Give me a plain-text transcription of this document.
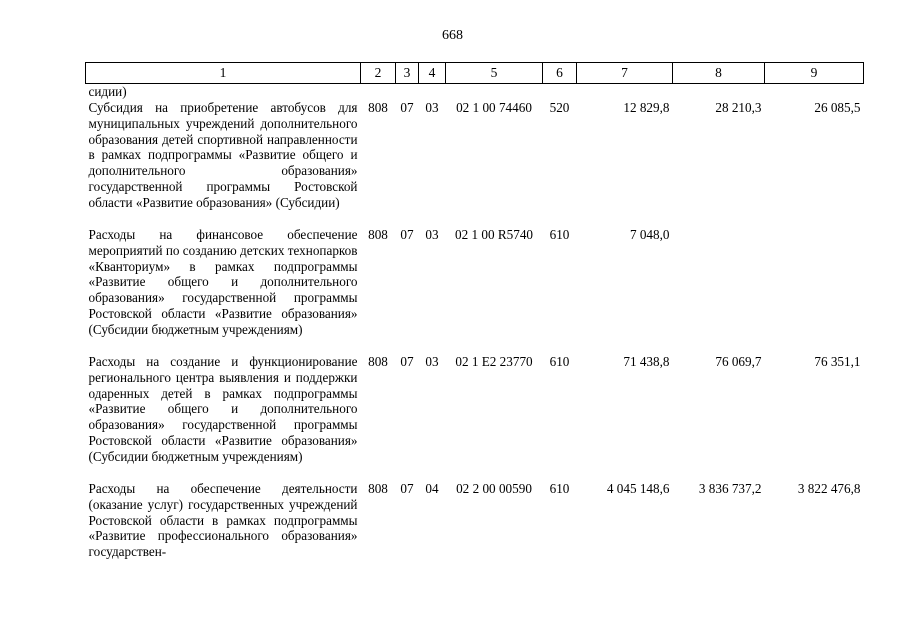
668
1	2	3	4	5	6	7	8	9
сидии)								
Субсидия на приобретение автобусов для муниципальных учреждений дополнительного образования детей спортивной направленности в рамках подпрограммы «Развитие общего и дополнительного образования» государственной программы Ростовской области «Развитие образования» (Субсидии)	808	07	03	02 1 00 74460	520	12 829,8	28 210,3	26 085,5
Расходы на финансовое обеспечение мероприятий по созданию детских технопарков «Кванториум» в рамках подпрограммы «Развитие общего и дополнительного образования» государственной программы Ростовской области «Развитие образования» (Субсидии бюджетным учреждениям)	808	07	03	02 1 00 R5740	610	7 048,0		
Расходы на создание и функционирование регионального центра выявления и поддержки одаренных детей в рамках подпрограммы «Развитие общего и дополнительного образования» государственной программы Ростовской области «Развитие образования» (Субсидии бюджетным учреждениям)	808	07	03	02 1 E2 23770	610	71 438,8	76 069,7	76 351,1
Расходы на обеспечение деятельности (оказание услуг) государственных учреждений Ростовской области в рамках подпрограммы «Развитие профессионального образования» государствен-	808	07	04	02 2 00 00590	610	4 045 148,6	3 836 737,2	3 822 476,8
